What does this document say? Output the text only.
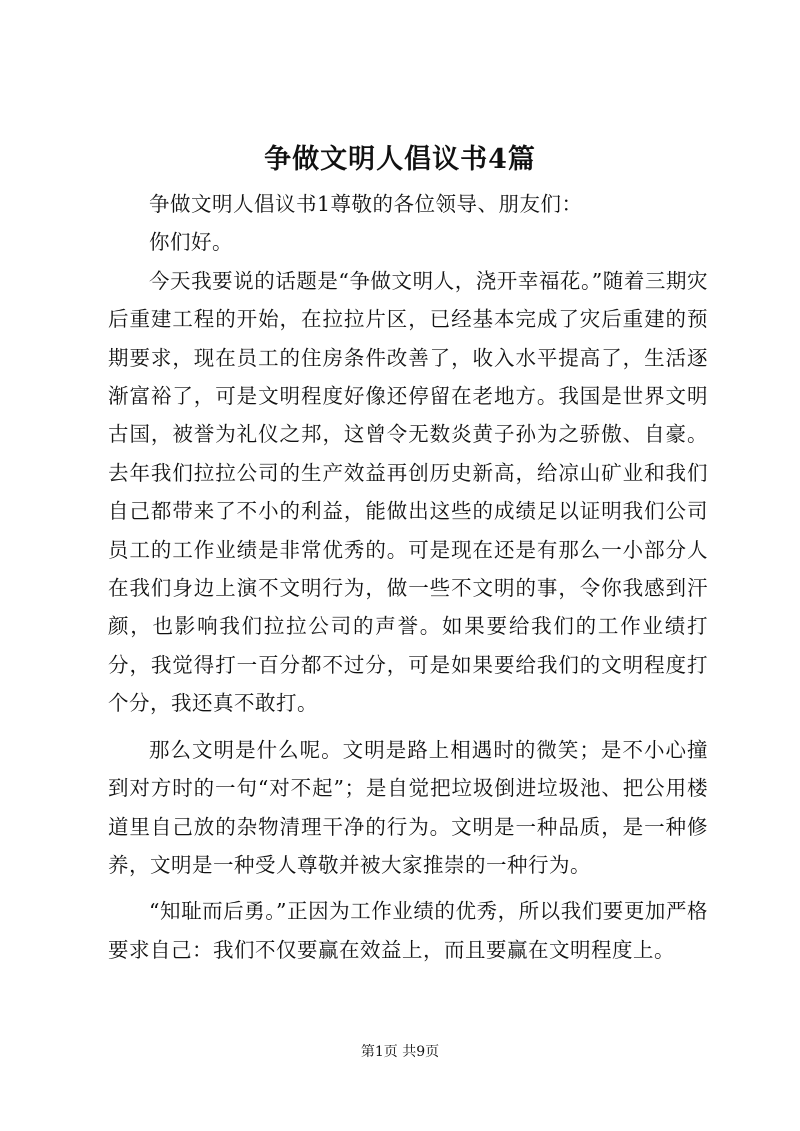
争做文明人倡议书4篇

争做文明人倡议书1尊敬的各位领导、朋友们：

你们好。

今天我要说的话题是“争做文明人，浇开幸福花。”随着三期灾后重建工程的开始，在拉拉片区，已经基本完成了灾后重建的预期要求，现在员工的住房条件改善了，收入水平提高了，生活逐渐富裕了，可是文明程度好像还停留在老地方。我国是世界文明古国，被誉为礼仪之邦，这曾令无数炎黄子孙为之骄傲、自豪。去年我们拉拉公司的生产效益再创历史新高，给凉山矿业和我们自己都带来了不小的利益，能做出这些的成绩足以证明我们公司员工的工作业绩是非常优秀的。可是现在还是有那么一小部分人在我们身边上演不文明行为，做一些不文明的事，令你我感到汗颜，也影响我们拉拉公司的声誉。如果要给我们的工作业绩打分，我觉得打一百分都不过分，可是如果要给我们的文明程度打个分，我还真不敢打。

那么文明是什么呢。文明是路上相遇时的微笑；是不小心撞到对方时的一句“对不起”；是自觉把垃圾倒进垃圾池、把公用楼道里自己放的杂物清理干净的行为。文明是一种品质，是一种修养，文明是一种受人尊敬并被大家推崇的一种行为。

“知耻而后勇。”正因为工作业绩的优秀，所以我们要更加严格要求自己：我们不仅要赢在效益上，而且要赢在文明程度上。

第1页 共9页
